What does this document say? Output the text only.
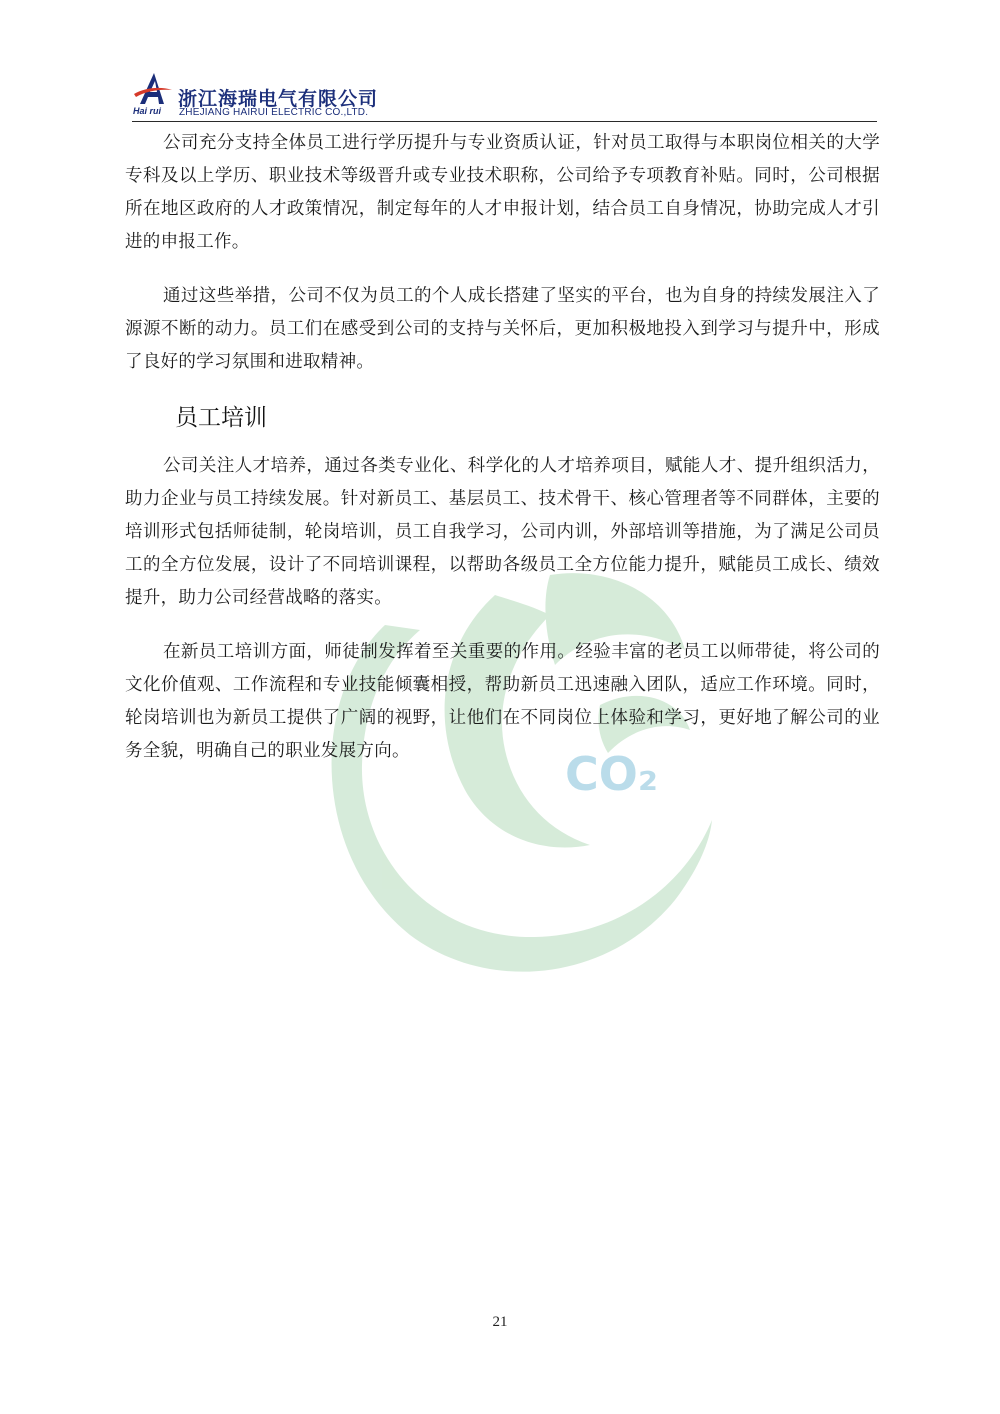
CO₂
Hai rui
浙江海瑞电气有限公司
ZHEJIANG HAIRUI ELECTRIC CO.,LTD.

公司充分支持全体员工进行学历提升与专业资质认证，针对员工取得与本职岗位相关的大学专科及以上学历、职业技术等级晋升或专业技术职称，公司给予专项教育补贴。同时，公司根据所在地区政府的人才政策情况，制定每年的人才申报计划，结合员工自身情况，协助完成人才引进的申报工作。

通过这些举措，公司不仅为员工的个人成长搭建了坚实的平台，也为自身的持续发展注入了源源不断的动力。员工们在感受到公司的支持与关怀后，更加积极地投入到学习与提升中，形成了良好的学习氛围和进取精神。

员工培训

公司关注人才培养，通过各类专业化、科学化的人才培养项目，赋能人才、提升组织活力，助力企业与员工持续发展。针对新员工、基层员工、技术骨干、核心管理者等不同群体，主要的培训形式包括师徒制，轮岗培训，员工自我学习，公司内训，外部培训等措施，为了满足公司员工的全方位发展，设计了不同培训课程，以帮助各级员工全方位能力提升，赋能员工成长、绩效提升，助力公司经营战略的落实。

在新员工培训方面，师徒制发挥着至关重要的作用。经验丰富的老员工以师带徒，将公司的文化价值观、工作流程和专业技能倾囊相授，帮助新员工迅速融入团队，适应工作环境。同时，轮岗培训也为新员工提供了广阔的视野，让他们在不同岗位上体验和学习，更好地了解公司的业务全貌，明确自己的职业发展方向。

21
